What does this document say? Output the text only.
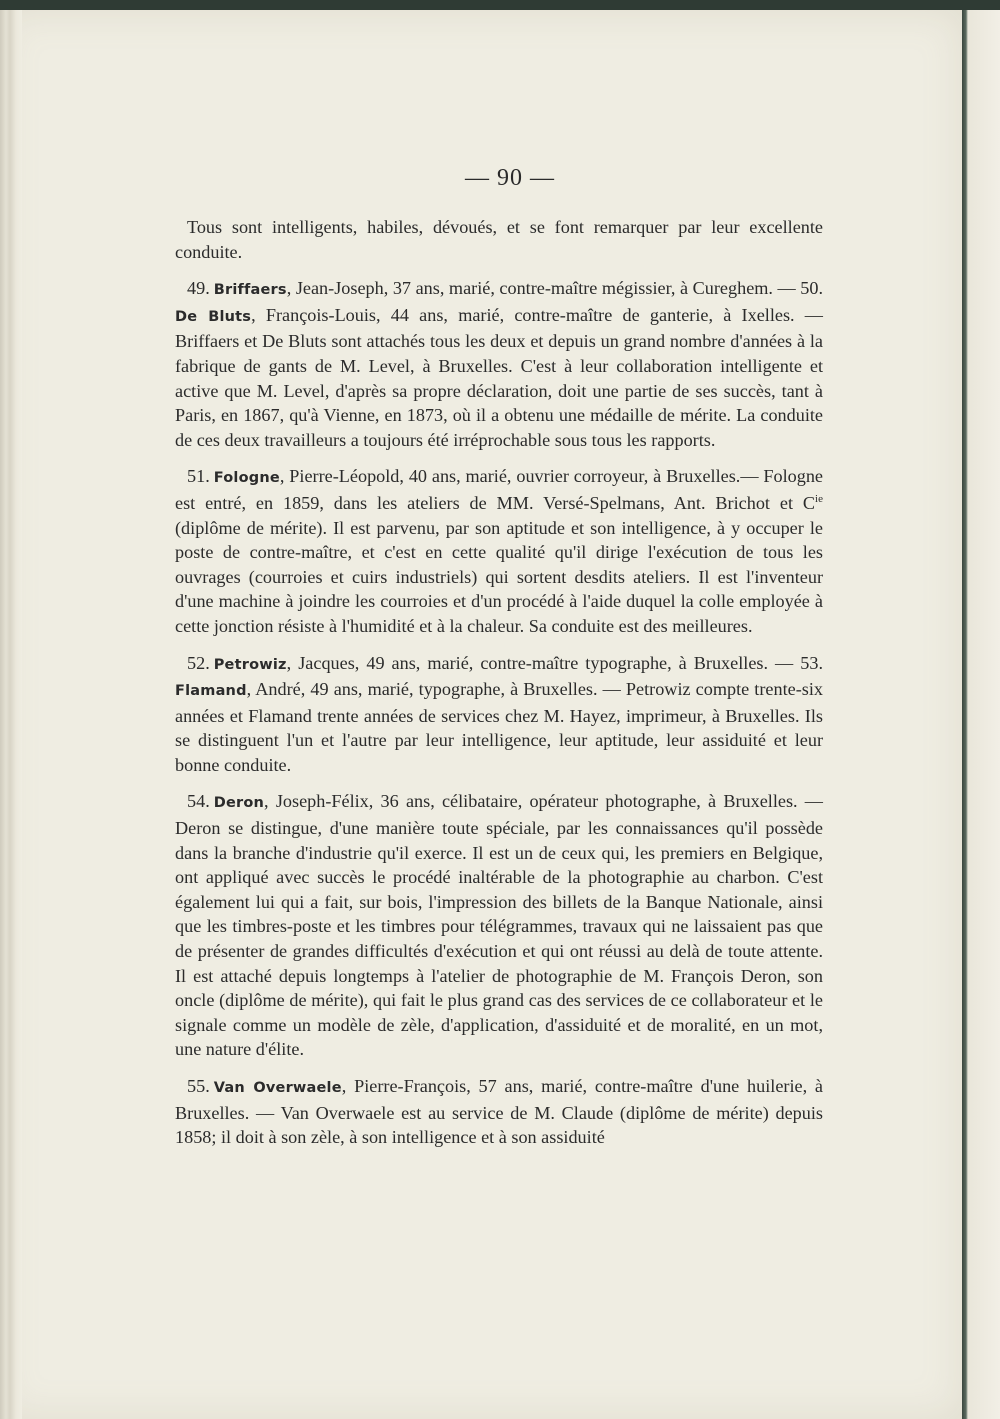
— 90 —

Tous sont intelligents, habiles, dévoués, et se font remarquer par leur excellente conduite.

49. Briffaers, Jean-Joseph, 37 ans, marié, contre-maître mégissier, à Cureghem. — 50. De Bluts, François-Louis, 44 ans, marié, contre-maître de ganterie, à Ixelles. — Briffaers et De Bluts sont attachés tous les deux et depuis un grand nombre d'années à la fabrique de gants de M. Level, à Bruxelles. C'est à leur collaboration intelligente et active que M. Level, d'après sa propre déclaration, doit une partie de ses succès, tant à Paris, en 1867, qu'à Vienne, en 1873, où il a obtenu une médaille de mérite. La conduite de ces deux travailleurs a toujours été irréprochable sous tous les rapports.

51. Fologne, Pierre-Léopold, 40 ans, marié, ouvrier corroyeur, à Bruxelles.— Fologne est entré, en 1859, dans les ateliers de MM. Versé-Spelmans, Ant. Brichot et $C^{ie}$ (diplôme de mérite). Il est parvenu, par son aptitude et son intelligence, à y occuper le poste de contre-maître, et c'est en cette qualité qu'il dirige l'exécution de tous les ouvrages (courroies et cuirs industriels) qui sortent desdits ateliers. Il est l'inventeur d'une machine à joindre les courroies et d'un procédé à l'aide duquel la colle employée à cette jonction résiste à l'humidité et à la chaleur. Sa conduite est des meilleures.

52. Petrowiz, Jacques, 49 ans, marié, contre-maître typographe, à Bruxelles. — 53. Flamand, André, 49 ans, marié, typographe, à Bruxelles. — Petrowiz compte trente-six années et Flamand trente années de services chez M. Hayez, imprimeur, à Bruxelles. Ils se distinguent l'un et l'autre par leur intelligence, leur aptitude, leur assiduité et leur bonne conduite.

54. Deron, Joseph-Félix, 36 ans, célibataire, opérateur photographe, à Bruxelles. — Deron se distingue, d'une manière toute spéciale, par les connaissances qu'il possède dans la branche d'industrie qu'il exerce. Il est un de ceux qui, les premiers en Belgique, ont appliqué avec succès le procédé inaltérable de la photographie au charbon. C'est également lui qui a fait, sur bois, l'impression des billets de la Banque Nationale, ainsi que les timbres-poste et les timbres pour télégrammes, travaux qui ne laissaient pas que de présenter de grandes difficultés d'exécution et qui ont réussi au delà de toute attente. Il est attaché depuis longtemps à l'atelier de photographie de M. François Deron, son oncle (diplôme de mérite), qui fait le plus grand cas des services de ce collaborateur et le signale comme un modèle de zèle, d'application, d'assiduité et de moralité, en un mot, une nature d'élite.

55. Van Overwaele, Pierre-François, 57 ans, marié, contre-maître d'une huilerie, à Bruxelles. — Van Overwaele est au service de M. Claude (diplôme de mérite) depuis 1858; il doit à son zèle, à son intelligence et à son assiduité
